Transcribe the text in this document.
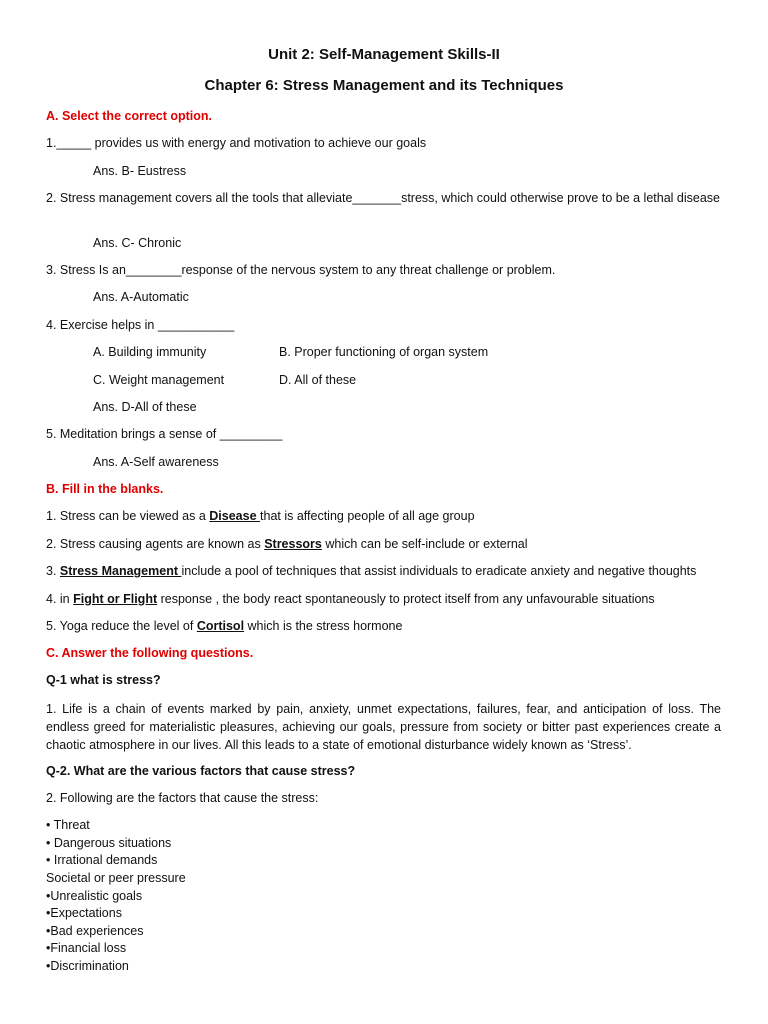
Unit 2: Self-Management Skills-II
Chapter 6: Stress Management and its Techniques
A. Select the correct option.
1._____ provides us with energy and motivation to achieve our goals
Ans. B- Eustress
2. Stress management covers all the tools that alleviate_______stress, which could otherwise prove to be a lethal disease
Ans. C- Chronic
3. Stress Is an________response of the nervous system to any threat challenge or problem.
Ans. A-Automatic
4. Exercise helps in ___________
A. Building immunity	B. Proper functioning of organ system
C. Weight management	D. All of these
Ans. D-All of these
5. Meditation brings a sense of _________
Ans. A-Self awareness
B. Fill in the blanks.
1. Stress can be viewed as a Disease that is affecting people of all age group
2. Stress causing agents are known as Stressors which can be self-include or external
3. Stress Management include a pool of techniques that assist individuals to eradicate anxiety and negative thoughts
4. in Fight or Flight response , the body react spontaneously to protect itself from any unfavourable situations
5. Yoga reduce the level of Cortisol which is the stress hormone
C. Answer the following questions.
Q-1 what is stress?
1. Life is a chain of events marked by pain, anxiety, unmet expectations, failures, fear, and anticipation of loss. The endless greed for materialistic pleasures, achieving our goals, pressure from society or bitter past experiences create a chaotic atmosphere in our lives. All this leads to a state of emotional disturbance widely known as ‘Stress’.
Q-2. What are the various factors that cause stress?
2. Following are the factors that cause the stress:
• Threat
• Dangerous situations
• Irrational demands
Societal or peer pressure
•Unrealistic goals
•Expectations
•Bad experiences
•Financial loss
•Discrimination
